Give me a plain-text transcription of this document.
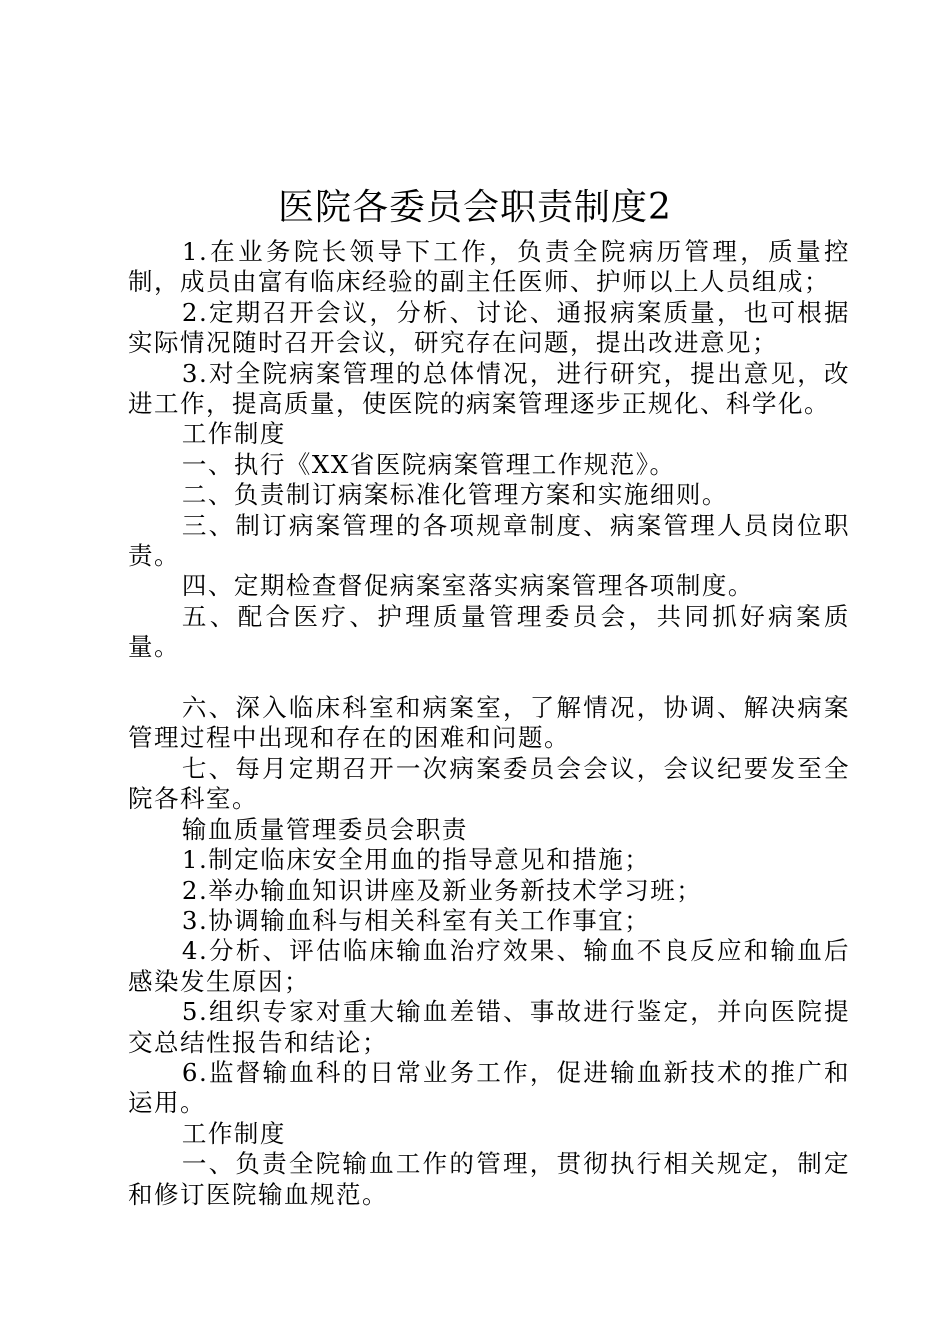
医院各委员会职责制度2

1.在业务院长领导下工作，负责全院病历管理，质量控制，成员由富有临床经验的副主任医师、护师以上人员组成；

2.定期召开会议，分析、讨论、通报病案质量，也可根据实际情况随时召开会议，研究存在问题，提出改进意见；

3.对全院病案管理的总体情况，进行研究，提出意见，改进工作，提高质量，使医院的病案管理逐步正规化、科学化。

工作制度

一、执行《XX省医院病案管理工作规范》。

二、负责制订病案标准化管理方案和实施细则。

三、制订病案管理的各项规章制度、病案管理人员岗位职责。

四、定期检查督促病案室落实病案管理各项制度。

五、配合医疗、护理质量管理委员会，共同抓好病案质量。

六、深入临床科室和病案室，了解情况，协调、解决病案管理过程中出现和存在的困难和问题。

七、每月定期召开一次病案委员会会议，会议纪要发至全院各科室。

输血质量管理委员会职责

1.制定临床安全用血的指导意见和措施；

2.举办输血知识讲座及新业务新技术学习班；

3.协调输血科与相关科室有关工作事宜；

4.分析、评估临床输血治疗效果、输血不良反应和输血后感染发生原因；

5.组织专家对重大输血差错、事故进行鉴定，并向医院提交总结性报告和结论；

6.监督输血科的日常业务工作，促进输血新技术的推广和运用。

工作制度

一、负责全院输血工作的管理，贯彻执行相关规定，制定和修订医院输血规范。
